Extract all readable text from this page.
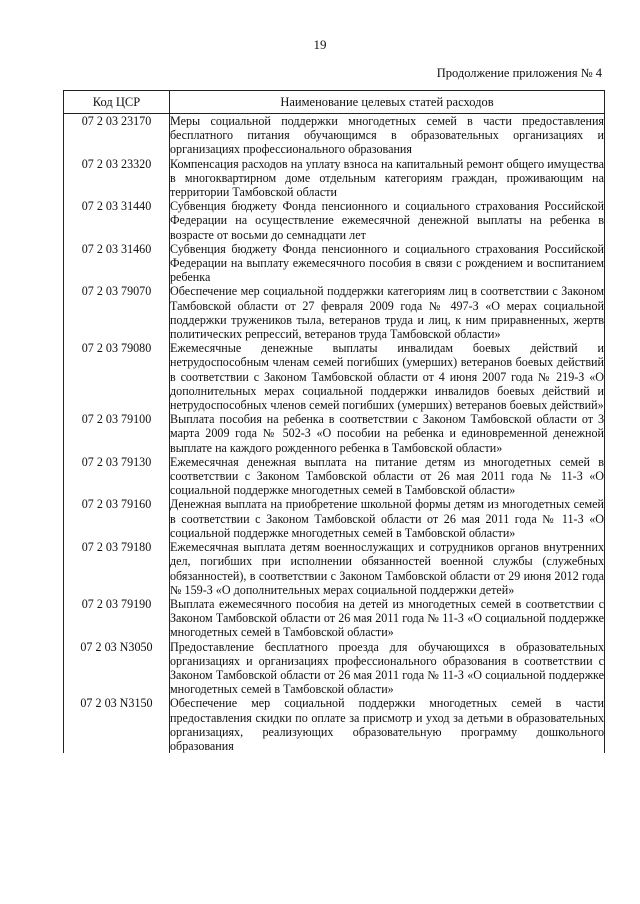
19
Продолжение приложения № 4
Код ЦСР	Наименование целевых статей расходов
07 2 03 23170	Меры социальной поддержки многодетных семей в части предоставления бесплатного питания обучающимся в образовательных организациях и организациях профессионального образования
07 2 03 23320	Компенсация расходов на уплату взноса на капитальный ремонт общего имущества в многоквартирном доме отдельным категориям граждан, проживающим на территории Тамбовской области
07 2 03 31440	Субвенция бюджету Фонда пенсионного и социального страхования Российской Федерации на осуществление ежемесячной денежной выплаты на ребенка в возрасте от восьми до семнадцати лет
07 2 03 31460	Субвенция бюджету Фонда пенсионного и социального страхования Российской Федерации на выплату ежемесячного пособия в связи с рождением и воспитанием ребенка
07 2 03 79070	Обеспечение мер социальной поддержки категориям лиц в соответствии с Законом Тамбовской области от 27 февраля 2009 года № 497-З «О мерах социальной поддержки тружеников тыла, ветеранов труда и лиц, к ним приравненных, жертв политических репрессий, ветеранов труда Тамбовской области»
07 2 03 79080	Ежемесячные денежные выплаты инвалидам боевых действий и нетрудоспособным членам семей погибших (умерших) ветеранов боевых действий в соответствии с Законом Тамбовской области от 4 июня 2007 года № 219-З «О дополнительных мерах социальной поддержки инвалидов боевых действий и нетрудоспособных членов семей погибших (умерших) ветеранов боевых действий»
07 2 03 79100	Выплата пособия на ребенка в соответствии с Законом Тамбовской области от 3 марта 2009 года № 502-З «О пособии на ребенка и единовременной денежной выплате на каждого рожденного ребенка в Тамбовской области»
07 2 03 79130	Ежемесячная денежная выплата на питание детям из многодетных семей в соответствии с Законом Тамбовской области от 26 мая 2011 года № 11-З «О социальной поддержке многодетных семей в Тамбовской области»
07 2 03 79160	Денежная выплата на приобретение школьной формы детям из многодетных семей в соответствии с Законом Тамбовской области от 26 мая 2011 года № 11-З «О социальной поддержке многодетных семей в Тамбовской области»
07 2 03 79180	Ежемесячная выплата детям военнослужащих и сотрудников органов внутренних дел, погибших при исполнении обязанностей военной службы (служебных обязанностей), в соответствии с Законом Тамбовской области от 29 июня 2012 года № 159-З «О дополнительных мерах социальной поддержки детей»
07 2 03 79190	Выплата ежемесячного пособия на детей из многодетных семей в соответствии с Законом Тамбовской области от 26 мая 2011 года № 11-З «О социальной поддержке многодетных семей в Тамбовской области»
07 2 03 N3050	Предоставление бесплатного проезда для обучающихся в образовательных организациях и организациях профессионального образования в соответствии с Законом Тамбовской области от 26 мая 2011 года № 11-З «О социальной поддержке многодетных семей в Тамбовской области»
07 2 03 N3150	Обеспечение мер социальной поддержки многодетных семей в части предоставления скидки по оплате за присмотр и уход за детьми в образовательных организациях, реализующих образовательную программу дошкольного образования
